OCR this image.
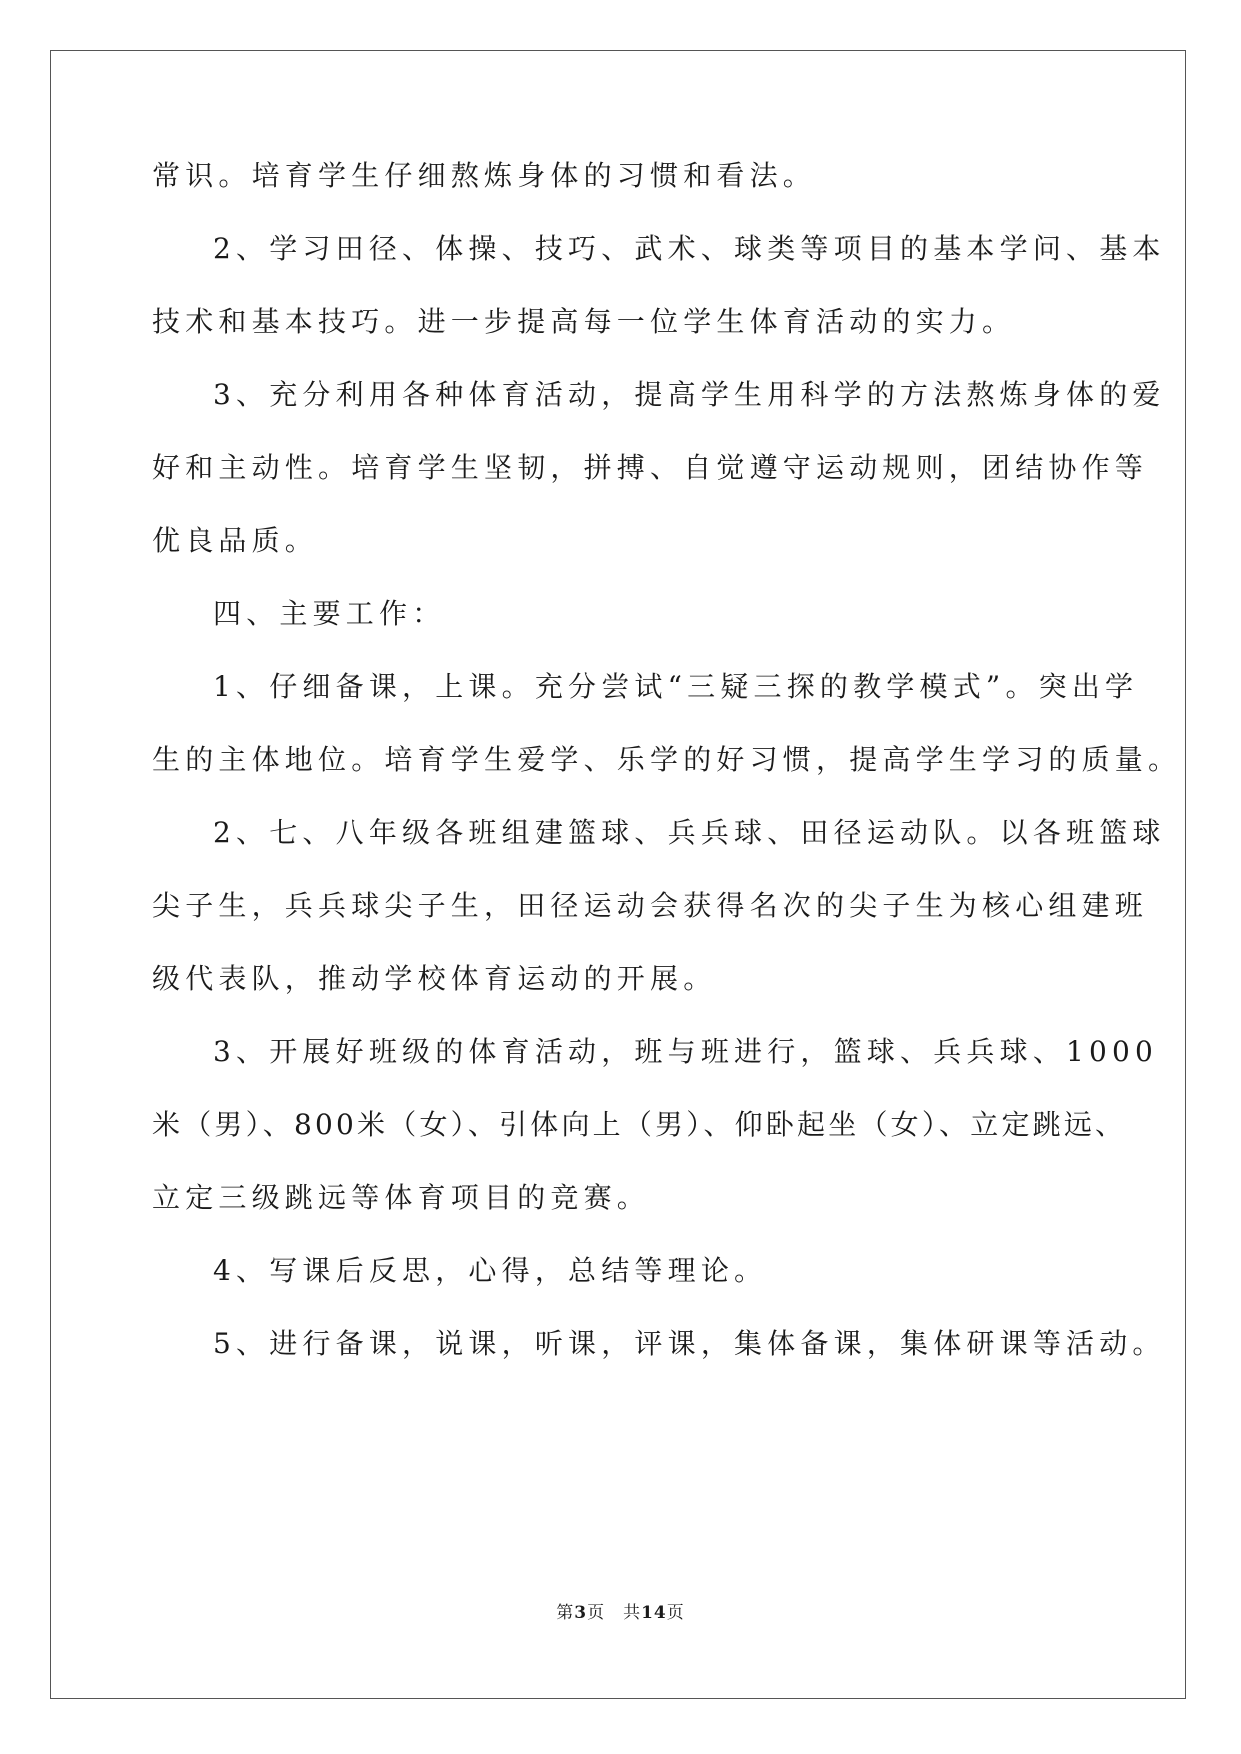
常识。培育学生仔细熬炼身体的习惯和看法。
2、学习田径、体操、技巧、武术、球类等项目的基本学问、基本
技术和基本技巧。进一步提高每一位学生体育活动的实力。
3、充分利用各种体育活动，提高学生用科学的方法熬炼身体的爱
好和主动性。培育学生坚韧，拼搏、自觉遵守运动规则，团结协作等
优良品质。
四、主要工作：
1、仔细备课，上课。充分尝试“三疑三探的教学模式”。突出学
生的主体地位。培育学生爱学、乐学的好习惯，提高学生学习的质量。
2、七、八年级各班组建篮球、兵兵球、田径运动队。以各班篮球
尖子生，兵兵球尖子生，田径运动会获得名次的尖子生为核心组建班
级代表队，推动学校体育运动的开展。
3、开展好班级的体育活动，班与班进行，篮球、兵兵球、1000
米（男）、800米（女）、引体向上（男）、仰卧起坐（女）、立定跳远、
立定三级跳远等体育项目的竞赛。
4、写课后反思，心得，总结等理论。
5、进行备课，说课，听课，评课，集体备课，集体研课等活动。
第3页 共14页
